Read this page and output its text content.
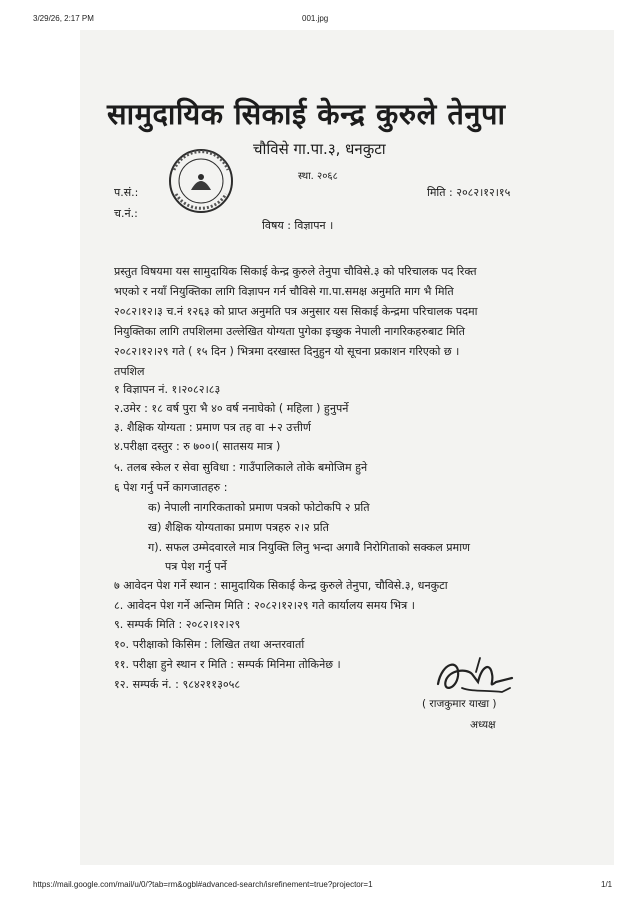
3/29/26, 2:17 PM	001.jpg
सामुदायिक सिकाई केन्द्र कुरुले तेनुपा
चौविसे गा.पा.३, धनकुटा
स्था. २०६८
प.सं.:
च.नं.:
मिति : २०८२।१२।१५
विषय : विज्ञापन ।
प्रस्तुत विषयमा यस सामुदायिक सिकाई केन्द्र कुरुले तेनुपा चौविसे.३ को परिचालक पद रिक्त
भएको र नयाँ नियुक्तिका लागि विज्ञापन गर्न चौविसे गा.पा.समक्ष अनुमति माग भै मिति
२०८२।१२।३ च.नं १२६३ को प्राप्त अनुमति पत्र अनुसार यस सिकाई केन्द्रमा परिचालक पदमा
नियुक्तिका लागि तपशिलमा उल्लेखित योग्यता पुगेका इच्छुक नेपाली नागरिकहरुबाट मिति
२०८२।१२।२९ गते ( १५ दिन ) भित्रमा दरखास्त दिनुहुन यो सूचना प्रकाशन गरिएको छ ।
तपशिल
१ विज्ञापन नं. १।२०८२।८३
२.उमेर : १८ वर्ष पुरा भै ४० वर्ष ननाघेको ( महिला ) हुनुपर्ने
३. शैक्षिक योग्यता : प्रमाण पत्र तह वा +२ उत्तीर्ण
४.परीक्षा दस्तुर : रु ७००।( सातसय मात्र )
५. तलब स्केल र सेवा सुविधा : गाउँपालिकाले तोके बमोजिम हुने
६ पेश गर्नु पर्ने कागजातहरु :
क) नेपाली नागरिकताको प्रमाण पत्रको फोटोकपि २ प्रति
ख) शैक्षिक योग्यताका प्रमाण पत्रहरु २।२ प्रति
ग). सफल उम्मेदवारले मात्र नियुक्ति लिनु भन्दा अगावै निरोगिताको सक्कल प्रमाण
पत्र पेश गर्नु पर्ने
७ आवेदन पेश गर्ने स्थान : सामुदायिक सिकाई केन्द्र कुरुले तेनुपा, चौविसे.३, धनकुटा
८. आवेदन पेश गर्ने अन्तिम मिति : २०८२।१२।२९ गते कार्यालय समय भित्र ।
९. सम्पर्क मिति : २०८२।१२।२९
१०. परीक्षाको किसिम : लिखित तथा अन्तरवार्ता
११. परीक्षा हुने स्थान र मिति : सम्पर्क मिनिमा तोकिनेछ ।
१२. सम्पर्क नं. : ९८४२११३०५८
( राजकुमार याखा )
अध्यक्ष
https://mail.google.com/mail/u/0/?tab=rm&ogbl#advanced-search/isrefinement=true?projector=1	1/1
